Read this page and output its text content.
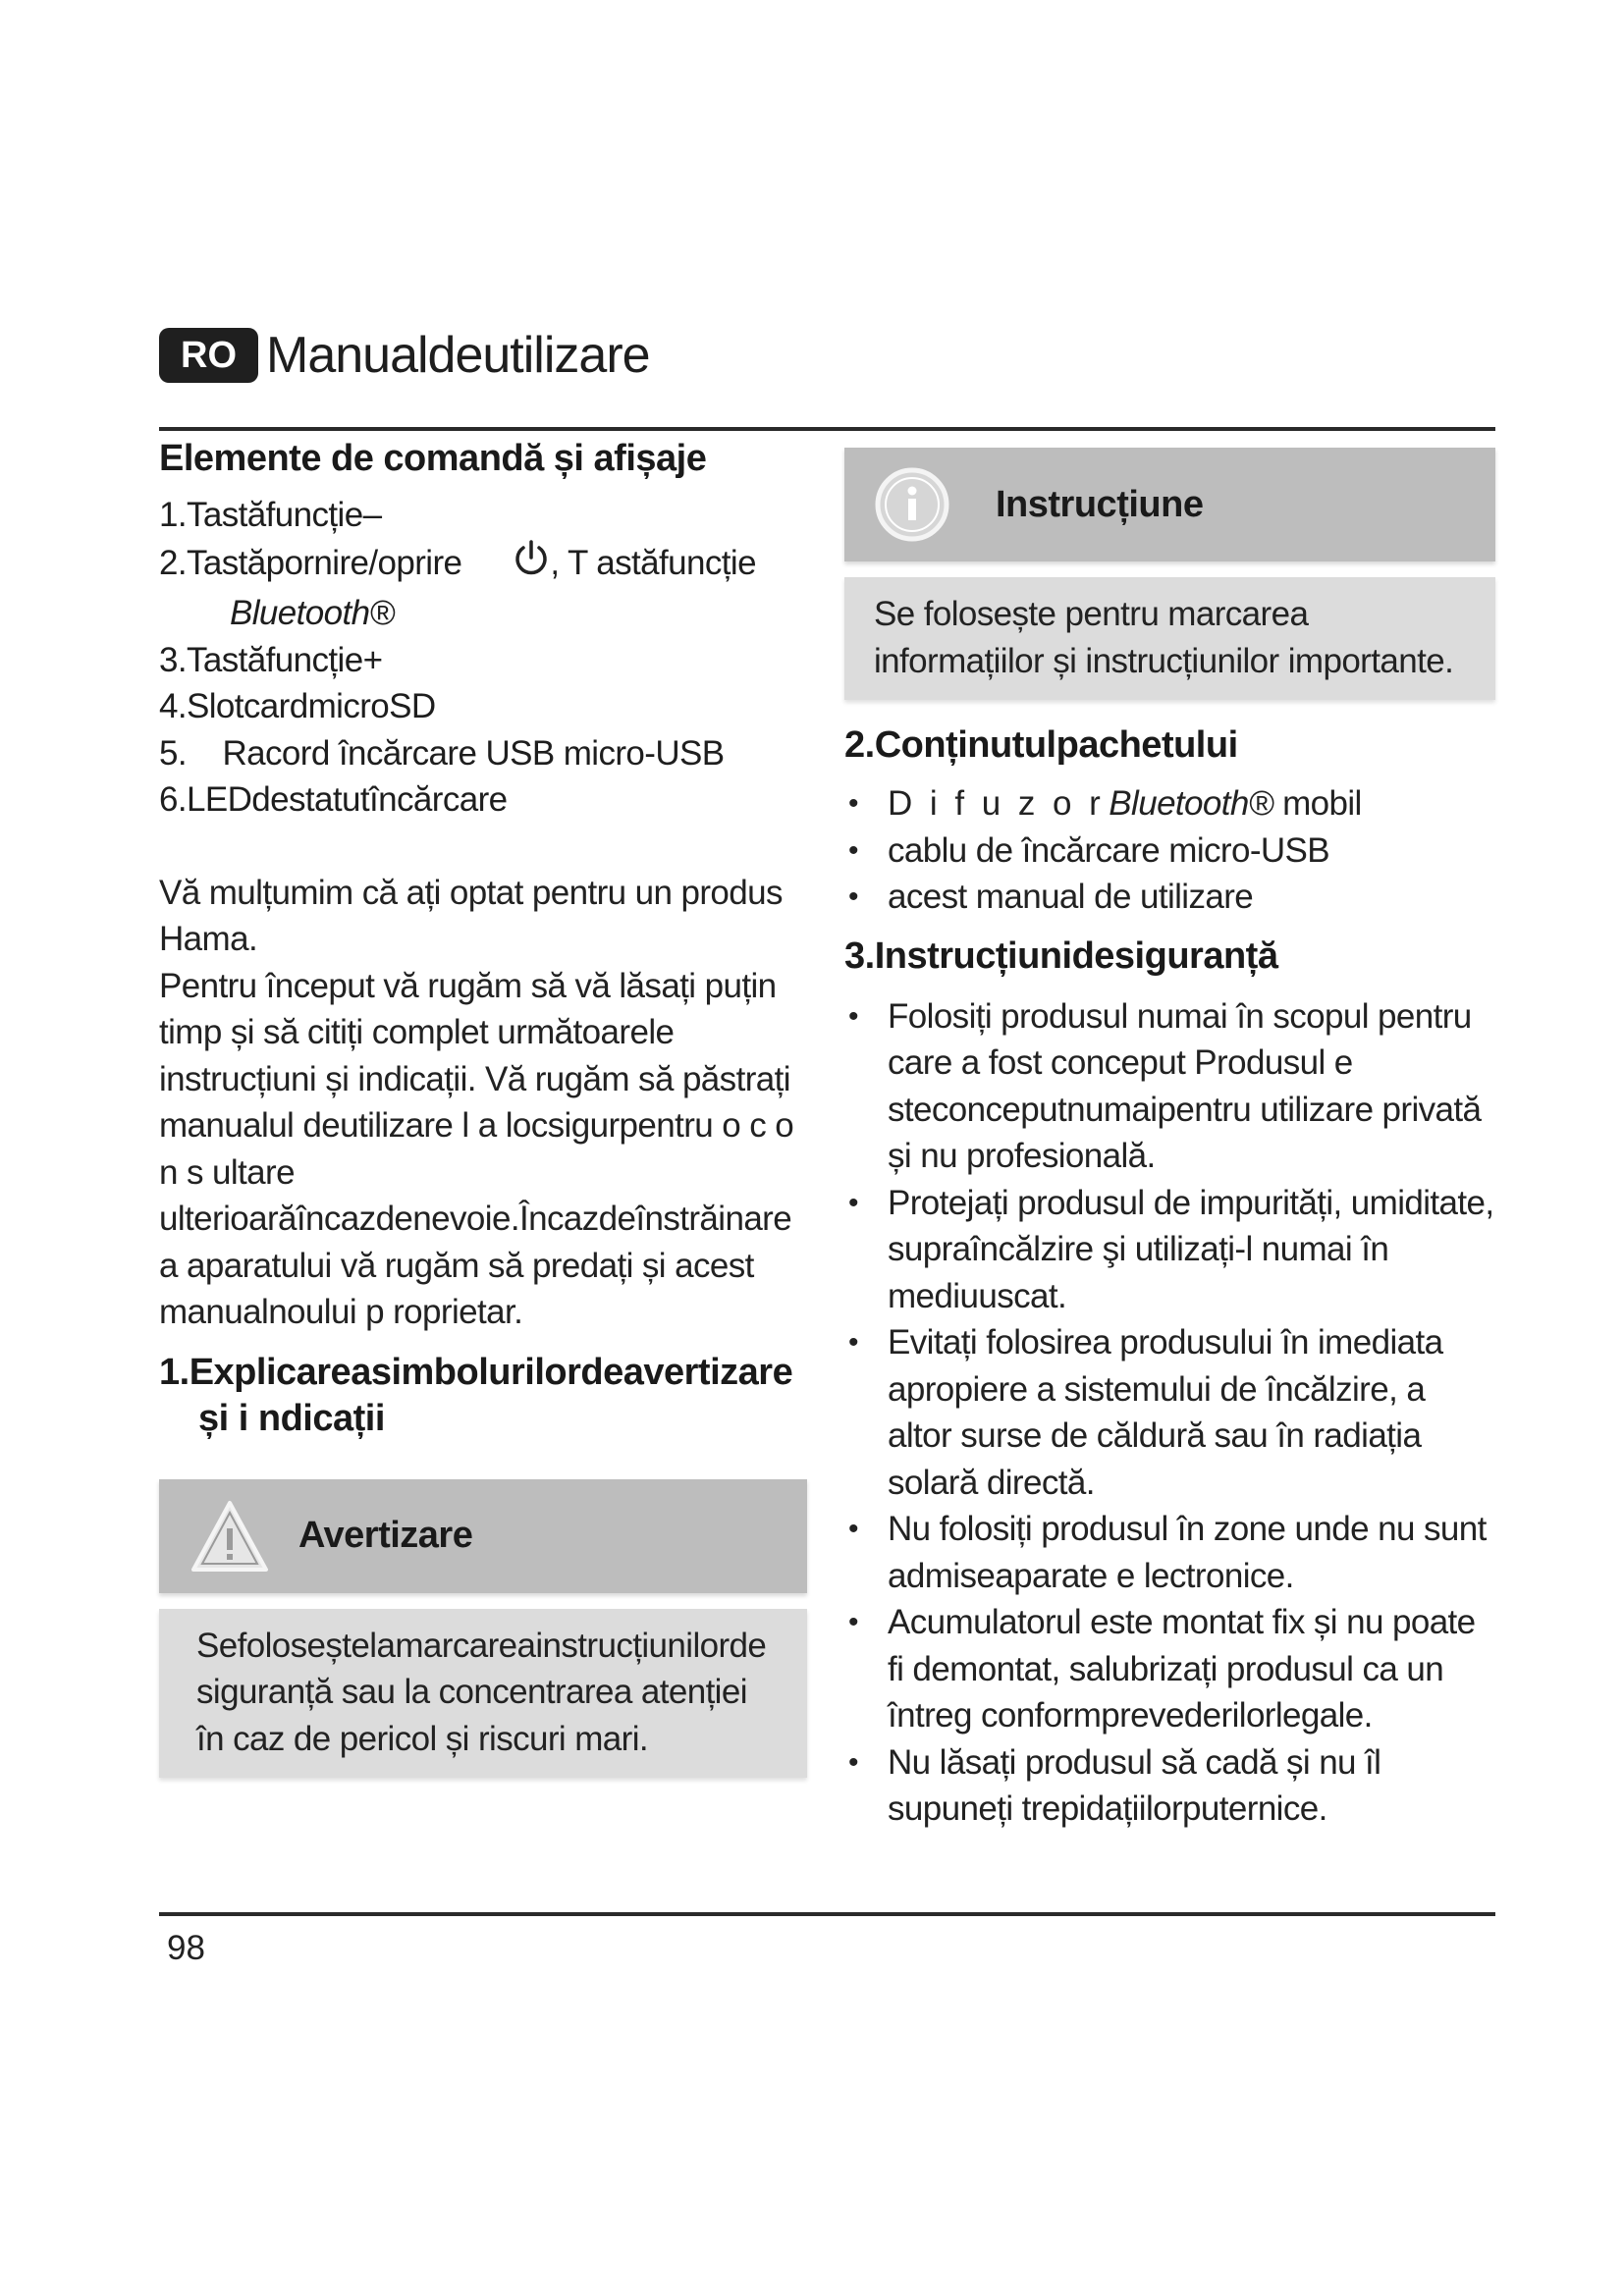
RO Manualdeutilizare
Elemente de comandă și afișaje
1.Tastăfuncție–
2.Tastăpornire/oprire	, T astăfuncție
Bluetooth®
3.Tastăfuncție+
4.SlotcardmicroSD
5.    Racord încărcare USB micro-USB
6.LEDdestatutîncărcare
Vă mulțumim că ați optat pentru un produs Hama.
Pentru început vă rugăm să vă lăsați puțin timp și să citiți complet următoarele instrucțiuni și indicații. Vă rugăm să păstrați manualul deutilizare l a locsigurpentru o c o n s ultare ulterioarăîncazdenevoie.Încazdeînstrăinare a aparatului vă rugăm să predați și acest manualnoului p roprietar.
1.Explicareasimbolurilordeavertizare
și i ndicații
Avertizare
Sefoloseștelamarcareainstrucțiunilorde siguranță sau la concentrarea atenției în caz de pericol și riscuri mari.
Instrucțiune
Se folosește pentru marcarea informațiilor și instrucțiunilor importante.
2.Conținutulpachetului
• D  i  f  u  z  o  r Bluetooth® mobil
• cablu de încărcare micro-USB
• acest manual de utilizare
3.Instrucțiunidesiguranță
• Folosiți produsul numai în scopul pentru care a fost conceput Produsul e steconceputnumaipentru utilizare privată și nu profesională.
• Protejați produsul de impurități, umiditate, supraîncălzire şi utilizați-l numai în mediuuscat.
• Evitați folosirea produsului în imediata apropiere a sistemului de încălzire, a altor surse de căldură sau în radiația solară directă.
• Nu folosiți produsul în zone unde nu sunt admiseaparate e lectronice.
• Acumulatorul este montat fix și nu poate fi demontat, salubrizați produsul ca un întreg conformprevederilorlegale.
• Nu lăsați produsul să cadă și nu îl supuneți trepidațiilorputernice.
98
